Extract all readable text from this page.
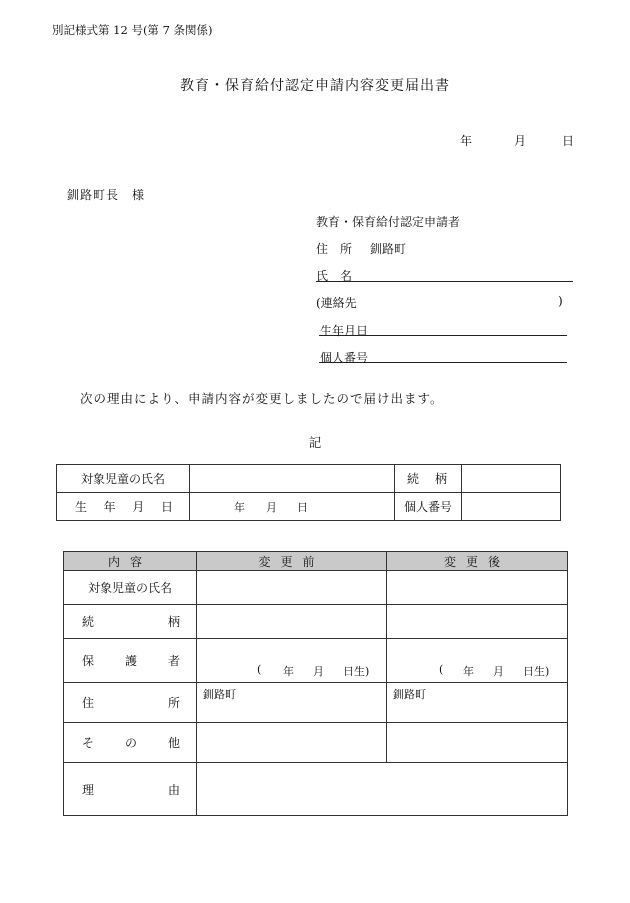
別記様式第 12 号(第 7 条関係)
教育・保育給付認定申請内容変更届出書
年	月	日
釧路町長　様
教育・保育給付認定申請者
住　所 釧路町
氏　名
(連絡先	)
生年月日
個人番号
次の理由により、申請内容が変更しましたので届け出ます。
記
対象児童の氏名		続　柄	

生 年 月 日	年 月 日	個人番号	
内容	変更前	変更後
対象児童の氏名		

続 柄		

保 護 者	( 年 月 日生)	( 年 月 日生)

住 所	釧路町	釧路町

そ の 他		

理 由		
